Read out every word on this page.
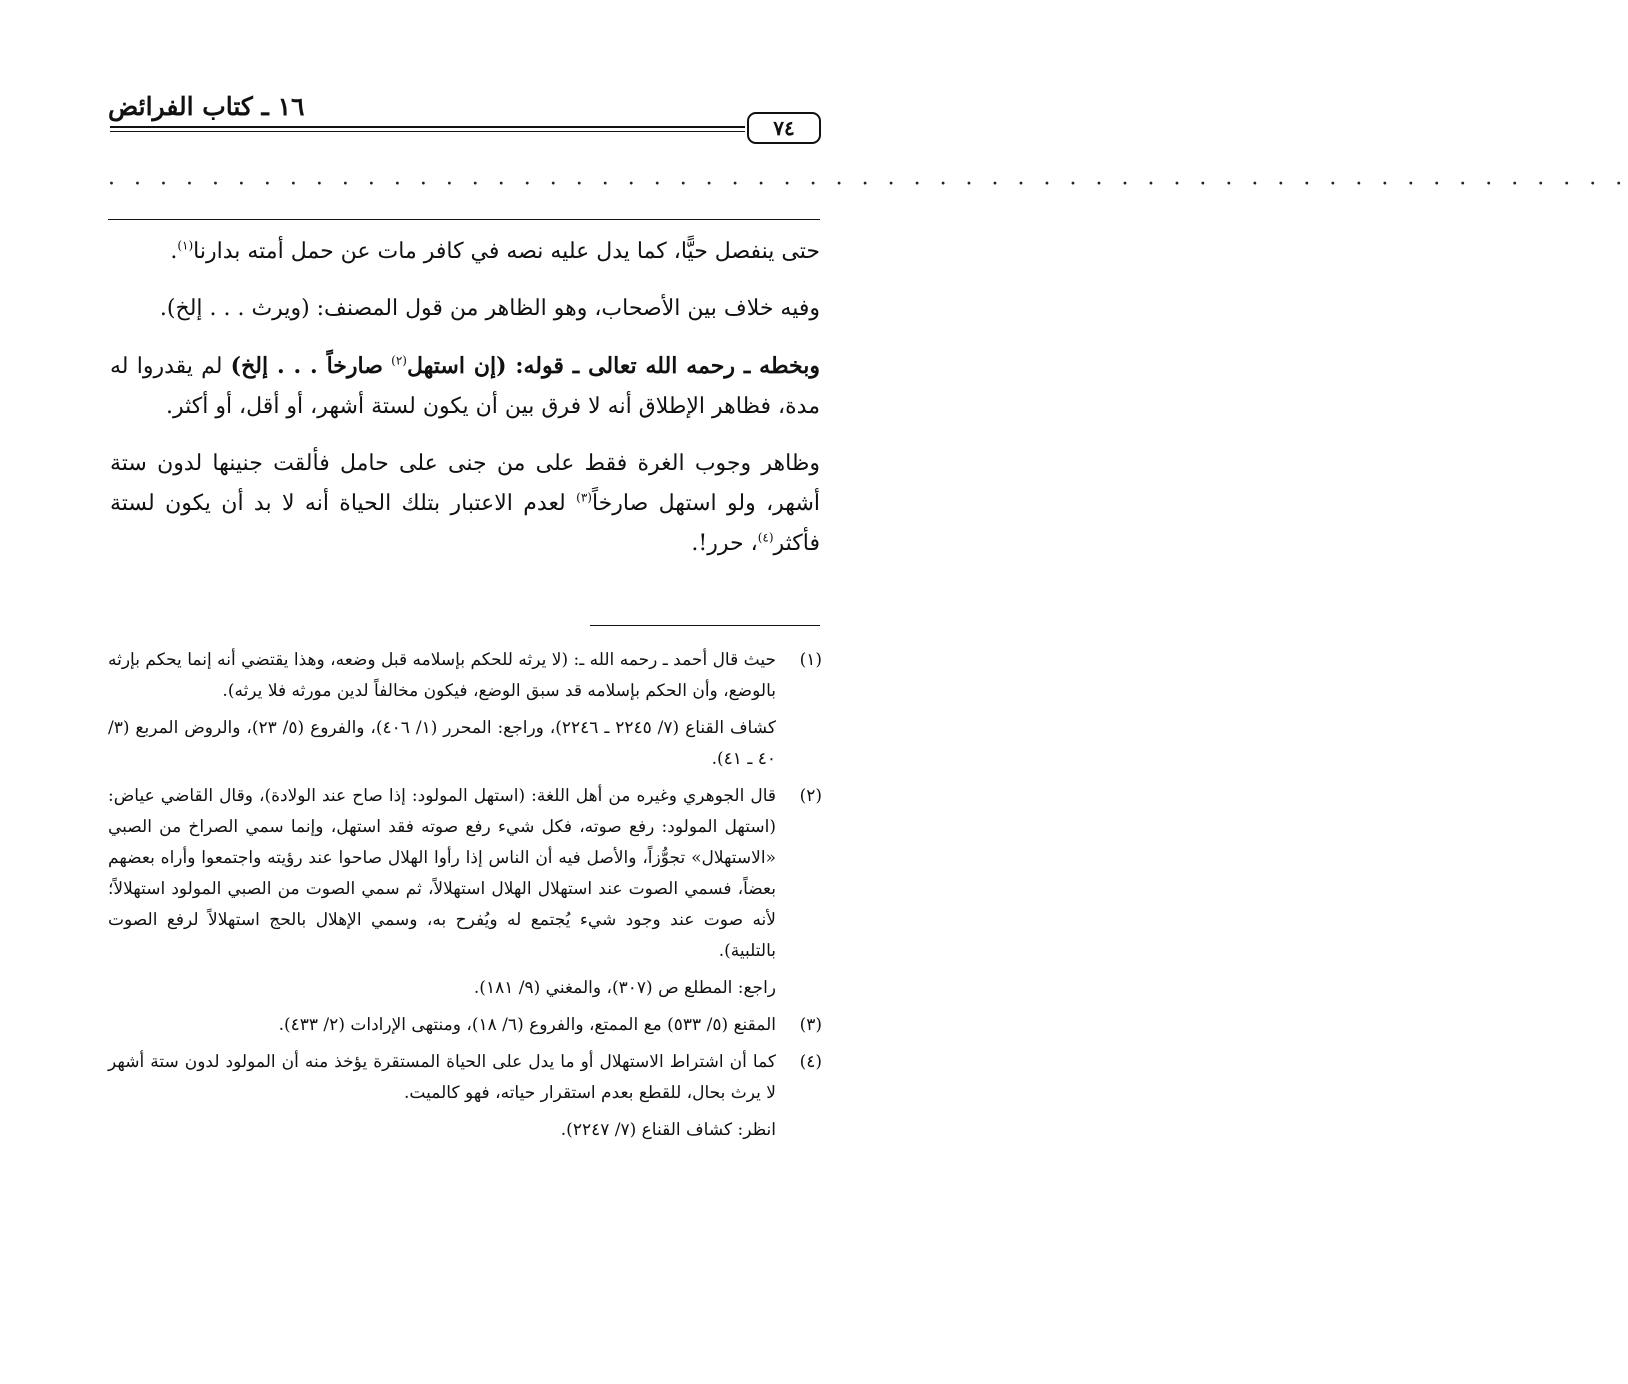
١٦ ـ كتاب الفرائض
٧٤
· · · · · · · · · · · · · · · · · · · · · · · · · · · · · · · · · · · · · · · · · · · · · · · · · · · · · · · · · · ·

حتى ينفصل حيًّا، كما يدل عليه نصه في كافر مات عن حمل أمته بدارنا$^{(١)}$.

وفيه خلاف بين الأصحاب، وهو الظاهر من قول المصنف: (ويرث . . . إلخ).

وبخطه ـ رحمه الله تعالى ـ قوله: (إن استهل$^{(٢)}$ صارخاً . . . إلخ) لم يقدروا له مدة، فظاهر الإطلاق أنه لا فرق بين أن يكون لستة أشهر، أو أقل، أو أكثر.

وظاهر وجوب الغرة فقط على من جنى على حامل فألقت جنينها لدون ستة أشهر، ولو استهل صارخاً$^{(٣)}$ لعدم الاعتبار بتلك الحياة أنه لا بد أن يكون لستة فأكثر$^{(٤)}$، حرر!.

(١)

حيث قال أحمد ـ رحمه الله ـ: (لا يرثه للحكم بإسلامه قبل وضعه، وهذا يقتضي أنه إنما يحكم بإرثه بالوضع، وأن الحكم بإسلامه قد سبق الوضع، فيكون مخالفاً لدين مورثه فلا يرثه).

كشاف القناع (٧/ ٢٢٤٥ ـ ٢٢٤٦)، وراجع: المحرر (١/ ٤٠٦)، والفروع (٥/ ٢٣)، والروض المربع (٣/ ٤٠ ـ ٤١).

(٢)

قال الجوهري وغيره من أهل اللغة: (استهل المولود: إذا صاح عند الولادة)، وقال القاضي عياض: (استهل المولود: رفع صوته، فكل شيء رفع صوته فقد استهل، وإنما سمي الصراخ من الصبي «الاستهلال» تجوُّزاً، والأصل فيه أن الناس إذا رأوا الهلال صاحوا عند رؤيته واجتمعوا وأراه بعضهم بعضاً، فسمي الصوت عند استهلال الهلال استهلالاً، ثم سمي الصوت من الصبي المولود استهلالاً؛ لأنه صوت عند وجود شيء يُجتمع له ويُفرح به، وسمي الإهلال بالحج استهلالاً لرفع الصوت بالتلبية).

راجع: المطلع ص (٣٠٧)، والمغني (٩/ ١٨١).

(٣)

المقنع (٥/ ٥٣٣) مع الممتع، والفروع (٦/ ١٨)، ومنتهى الإرادات (٢/ ٤٣٣).

(٤)

كما أن اشتراط الاستهلال أو ما يدل على الحياة المستقرة يؤخذ منه أن المولود لدون ستة أشهر لا يرث بحال، للقطع بعدم استقرار حياته، فهو كالميت.

انظر: كشاف القناع (٧/ ٢٢٤٧).
